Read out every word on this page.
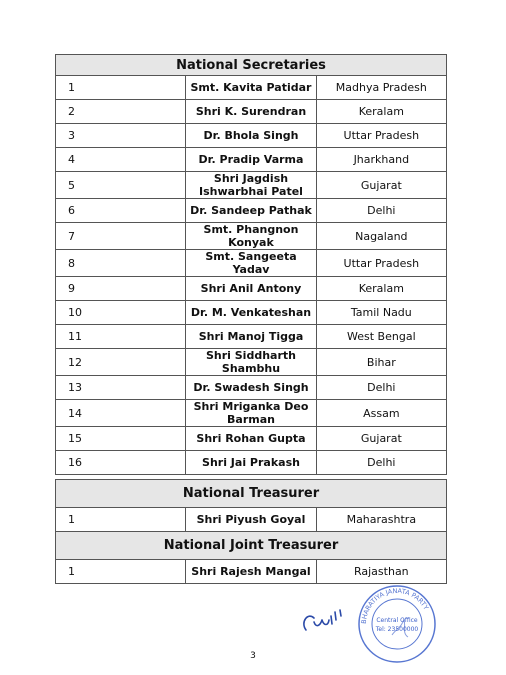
National Secretaries		
1	Smt. Kavita Patidar	Madhya Pradesh
2	Shri K. Surendran	Keralam
3	Dr. Bhola Singh	Uttar Pradesh
4	Dr. Pradip Varma	Jharkhand
5	Shri Jagdish Ishwarbhai Patel	Gujarat
6	Dr. Sandeep Pathak	Delhi
7	Smt. Phangnon Konyak	Nagaland
8	Smt. Sangeeta Yadav	Uttar Pradesh
9	Shri Anil Antony	Keralam
10	Dr. M. Venkateshan	Tamil Nadu
11	Shri Manoj Tigga	West Bengal
12	Shri Siddharth Shambhu	Bihar
13	Dr. Swadesh Singh	Delhi
14	Shri Mriganka Deo Barman	Assam
15	Shri Rohan Gupta	Gujarat
16	Shri Jai Prakash	Delhi
National Treasurer		
1	Shri Piyush Goyal	Maharashtra
National Joint Treasurer		
1	Shri Rajesh Mangal	Rajasthan
BHARATIYA JANATA PARTY
Central Office
Tel: 23500000
3
